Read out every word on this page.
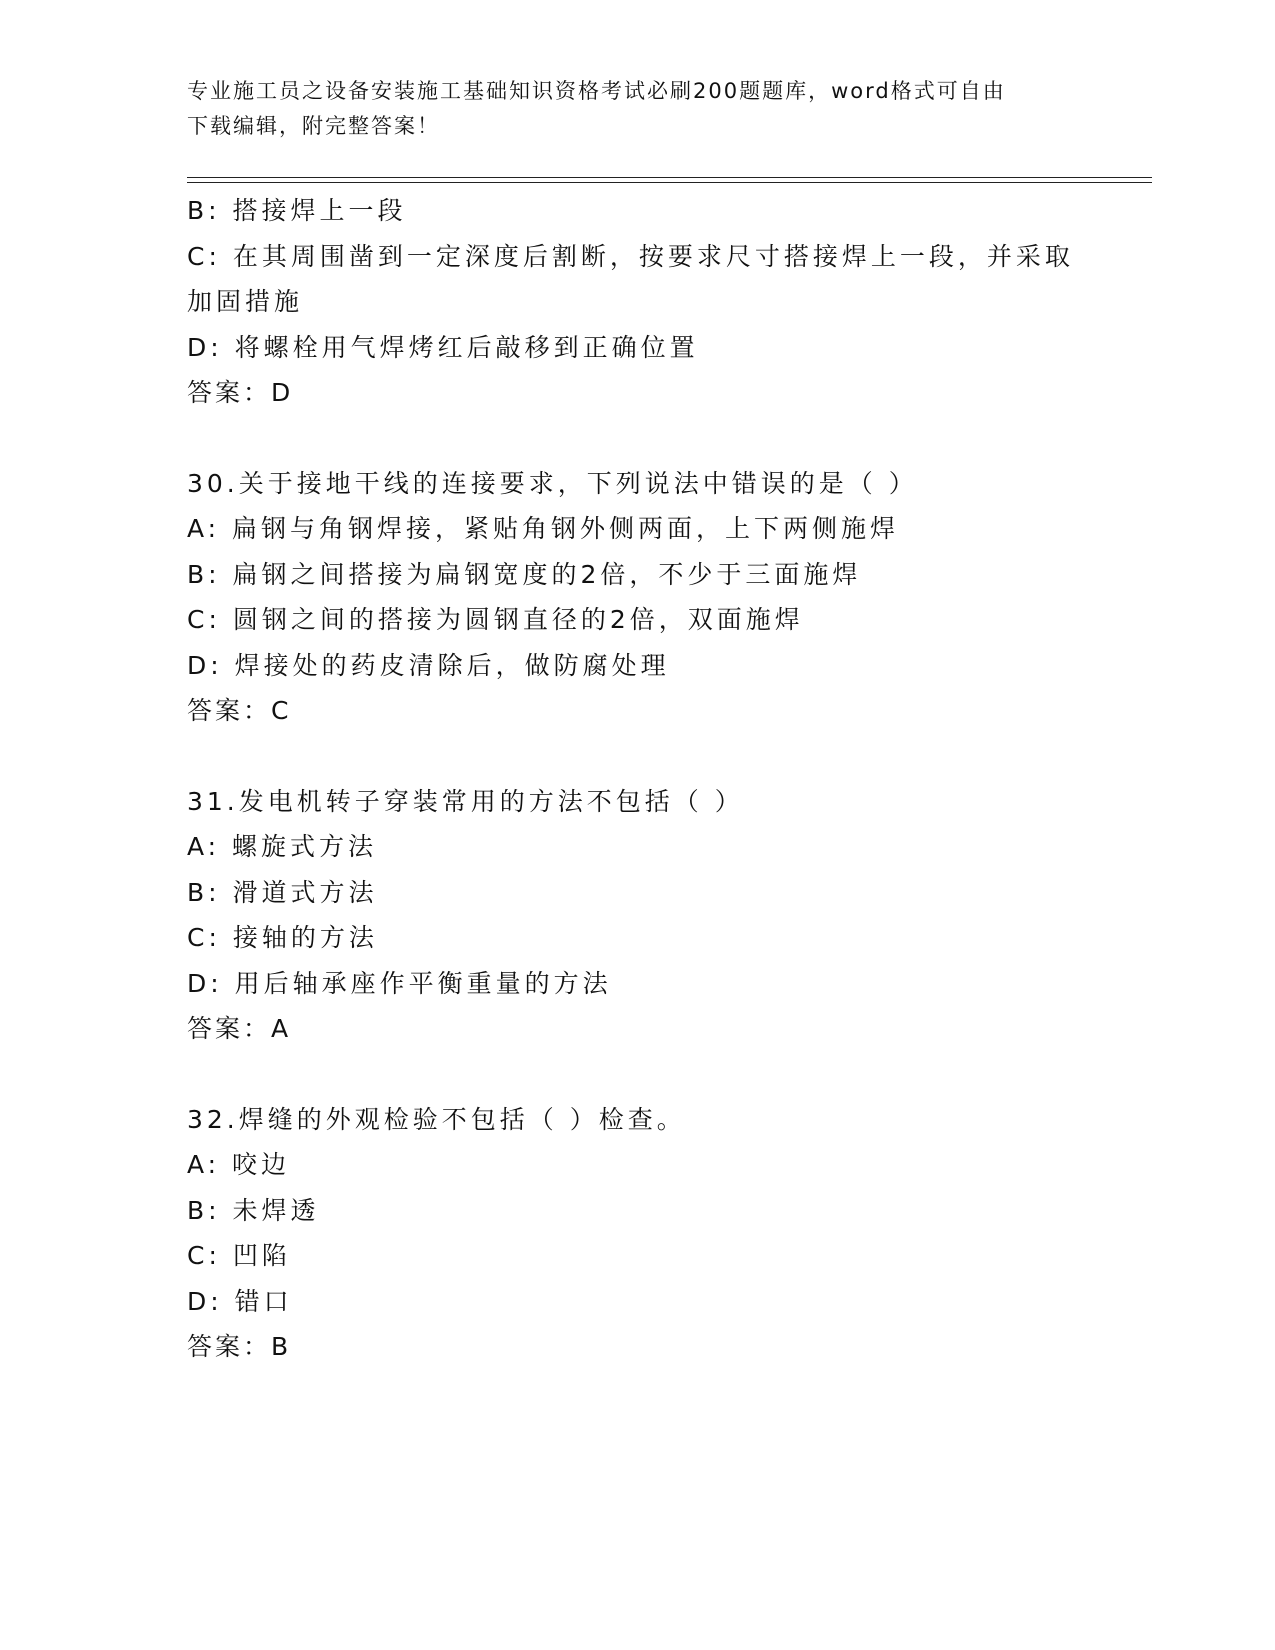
专业施工员之设备安装施工基础知识资格考试必刷200题题库，word格式可自由
下载编辑，附完整答案！
B: 搭接焊上一段
C: 在其周围凿到一定深度后割断，按要求尺寸搭接焊上一段，并采取
加固措施
D: 将螺栓用气焊烤红后敲移到正确位置
答案：D
30.关于接地干线的连接要求，下列说法中错误的是（ ）
A: 扁钢与角钢焊接，紧贴角钢外侧两面，上下两侧施焊
B: 扁钢之间搭接为扁钢宽度的2倍，不少于三面施焊
C: 圆钢之间的搭接为圆钢直径的2倍，双面施焊
D: 焊接处的药皮清除后，做防腐处理
答案：C
31.发电机转子穿装常用的方法不包括（ ）
A: 螺旋式方法
B: 滑道式方法
C: 接轴的方法
D: 用后轴承座作平衡重量的方法
答案：A
32.焊缝的外观检验不包括（ ）检查。
A: 咬边
B: 未焊透
C: 凹陷
D: 错口
答案：B
